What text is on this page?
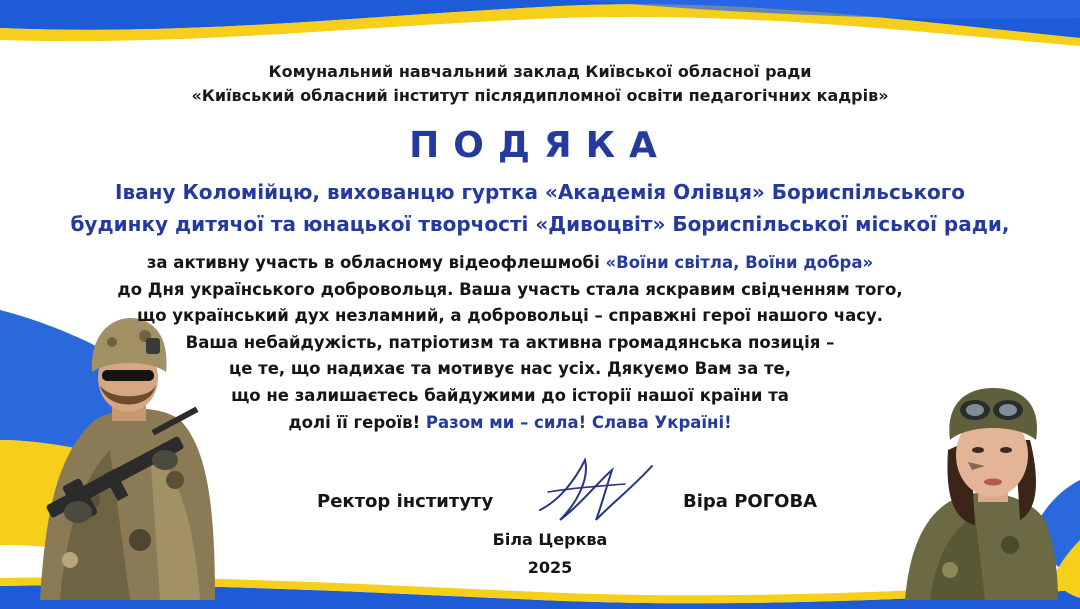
Комунальний навчальний заклад Київської обласної ради
«Київський обласний інститут післядипломної освіти педагогічних кадрів»
ПОДЯКА
Івану Коломійцю, вихованцю гуртка «Академія Олівця» Бориспільського
будинку дитячої та юнацької творчості «Дивоцвіт» Бориспільської міської ради,
за активну участь в обласному відеофлешмобі «Воїни світла, Воїни добра»
до Дня українського добровольця. Ваша участь стала яскравим свідченням того,
що український дух незламний, а добровольці – справжні герої нашого часу.
Ваша небайдужість, патріотизм та активна громадянська позиція –
це те, що надихає та мотивує нас усіх. Дякуємо Вам за те,
що не залишаєтесь байдужими до історії нашої країни та
долі її героїв! Разом ми – сила! Слава Україні!
Ректор інституту	Віра РОГОВА
Біла Церква
2025
